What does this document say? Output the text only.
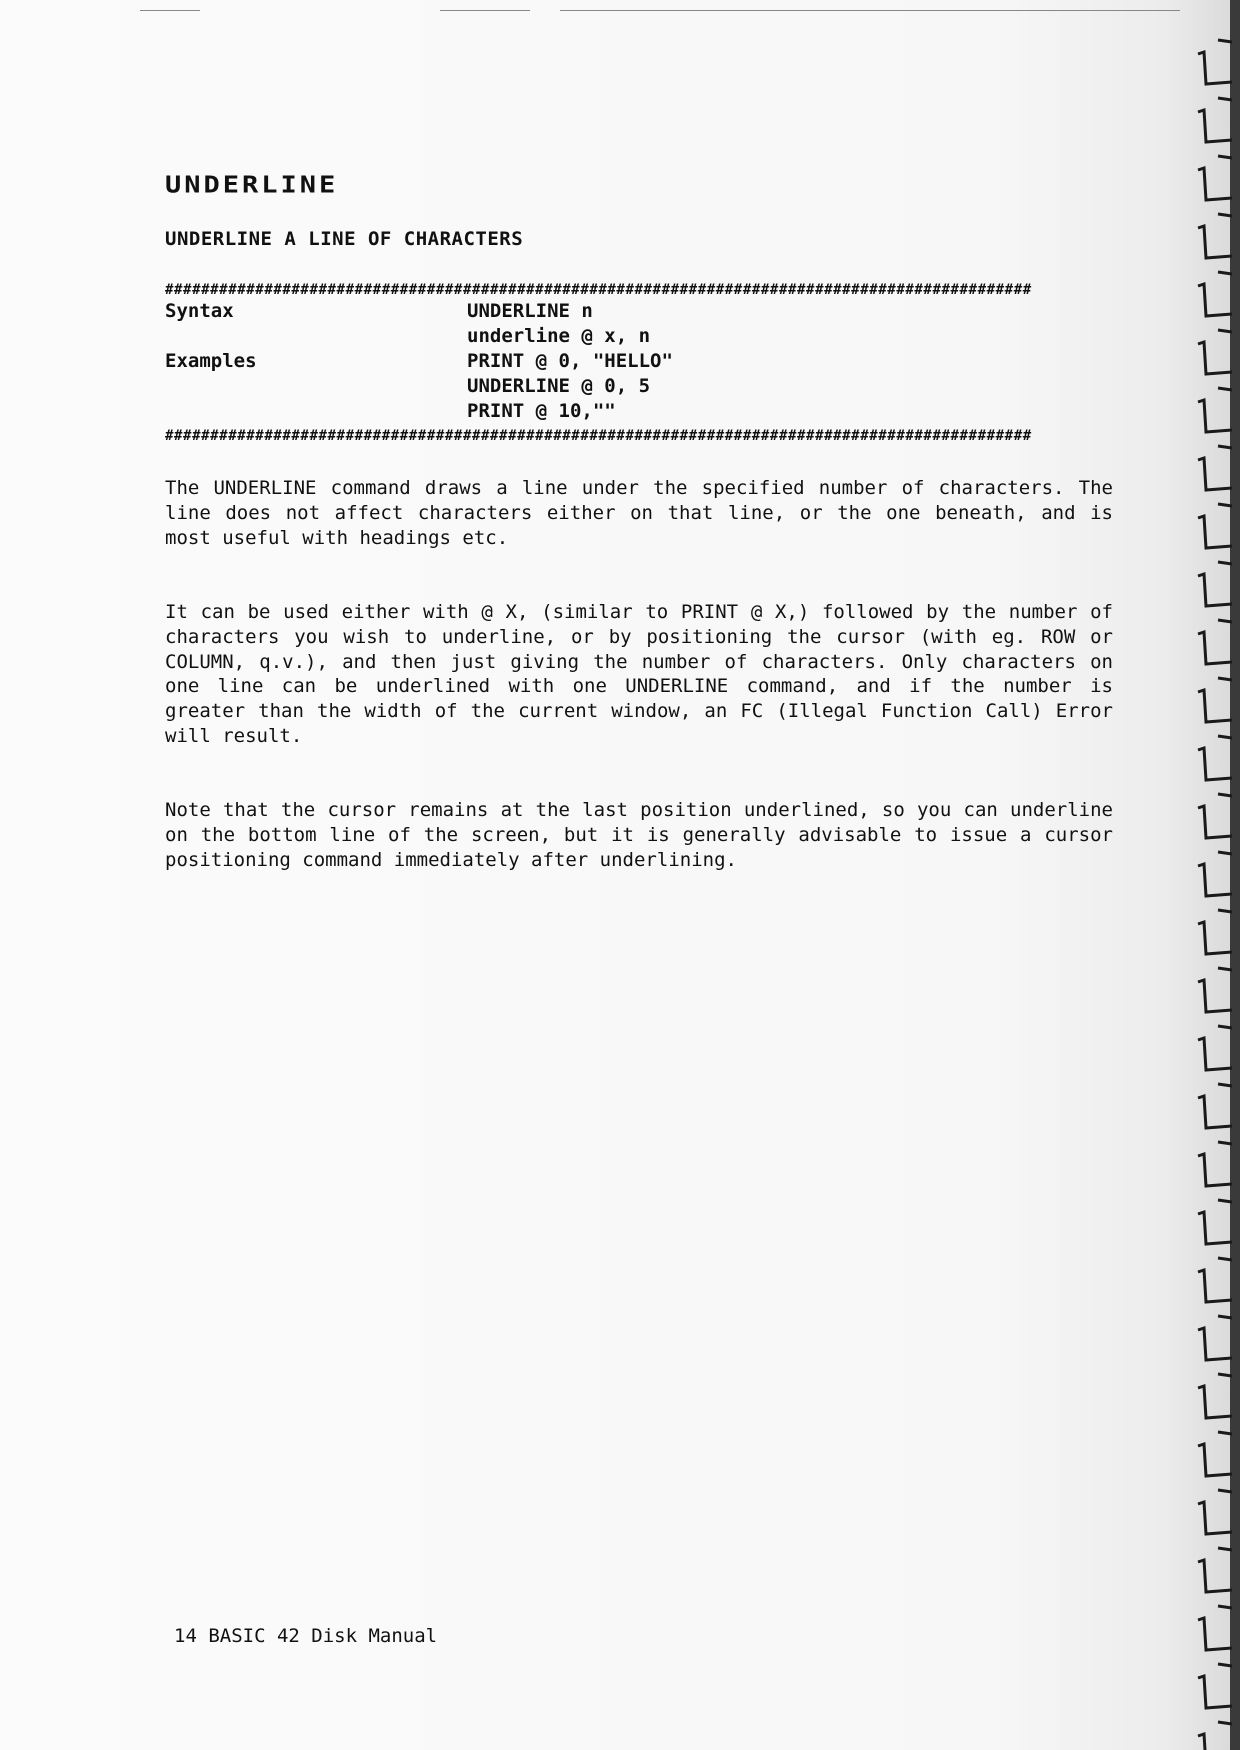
UNDERLINE
UNDERLINE A LINE OF CHARACTERS
################################################################################################
Syntax	UNDERLINE n
underline @ x, n
Examples	PRINT @ 0, "HELLO"
UNDERLINE @ 0, 5
PRINT @ 10,""
################################################################################################

The UNDERLINE command draws a line under the specified number of characters. The line does not affect characters either on that line, or the one beneath, and is most useful with headings etc.

It can be used either with @ X, (similar to PRINT @ X,) followed by the number of characters you wish to underline, or by positioning the cursor (with eg. ROW or COLUMN, q.v.), and then just giving the number of characters. Only characters on one line can be underlined with one UNDERLINE command, and if the number is greater than the width of the current window, an FC (Illegal Function Call) Error will result.

Note that the cursor remains at the last position underlined, so you can underline on the bottom line of the screen, but it is generally advisable to issue a cursor positioning command immediately after underlining.

14 BASIC 42 Disk Manual
